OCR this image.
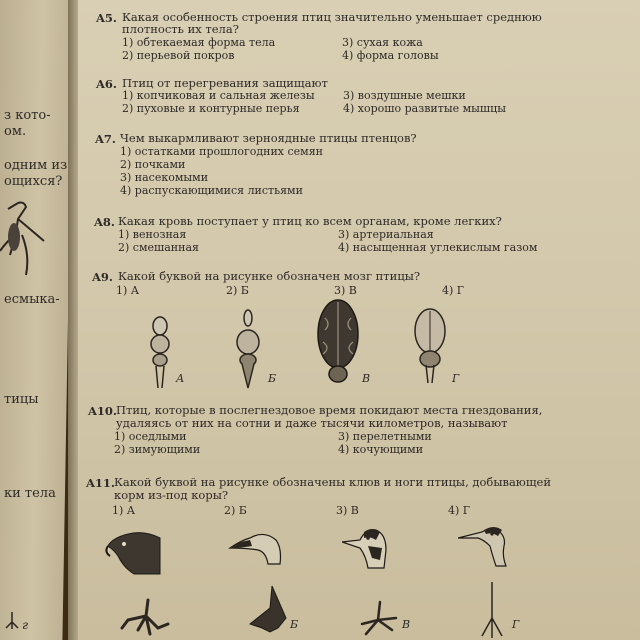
з кото-
ом.
одним из
ощихся?
есмыка-
тицы
ки тела
г
A5. Какая особенность строения птиц значительно уменьшает среднюю
плотность их тела?
1) обтекаемая форма тела
2) перьевой покров
3) сухая кожа
4) форма головы
A6. Птиц от перегревания защищают
1) копчиковая и сальная железы
2) пуховые и контурные перья
3) воздушные мешки
4) хорошо развитые мышцы
A7. Чем выкармливают зерноядные птицы птенцов?
1) остатками прошлогодних семян
2) почками
3) насекомыми
4) распускающимися листьями
A8. Какая кровь поступает у птиц ко всем органам, кроме легких?
1) венозная
2) смешанная
3) артериальная
4) насыщенная углекислым газом
A9. Какой буквой на рисунке обозначен мозг птицы?
1) А	2) Б	3) В	4) Г
А	Б	В	Г
A10. Птиц, которые в послегнездовое время покидают места гнездования,
удаляясь от них на сотни и даже тысячи километров, называют
1) оседлыми
2) зимующими
3) перелетными
4) кочующими
A11. Какой буквой на рисунке обозначены клюв и ноги птицы, добывающей
корм из-под коры?
1) А	2) Б	3) В	4) Г
Б	В	Г
